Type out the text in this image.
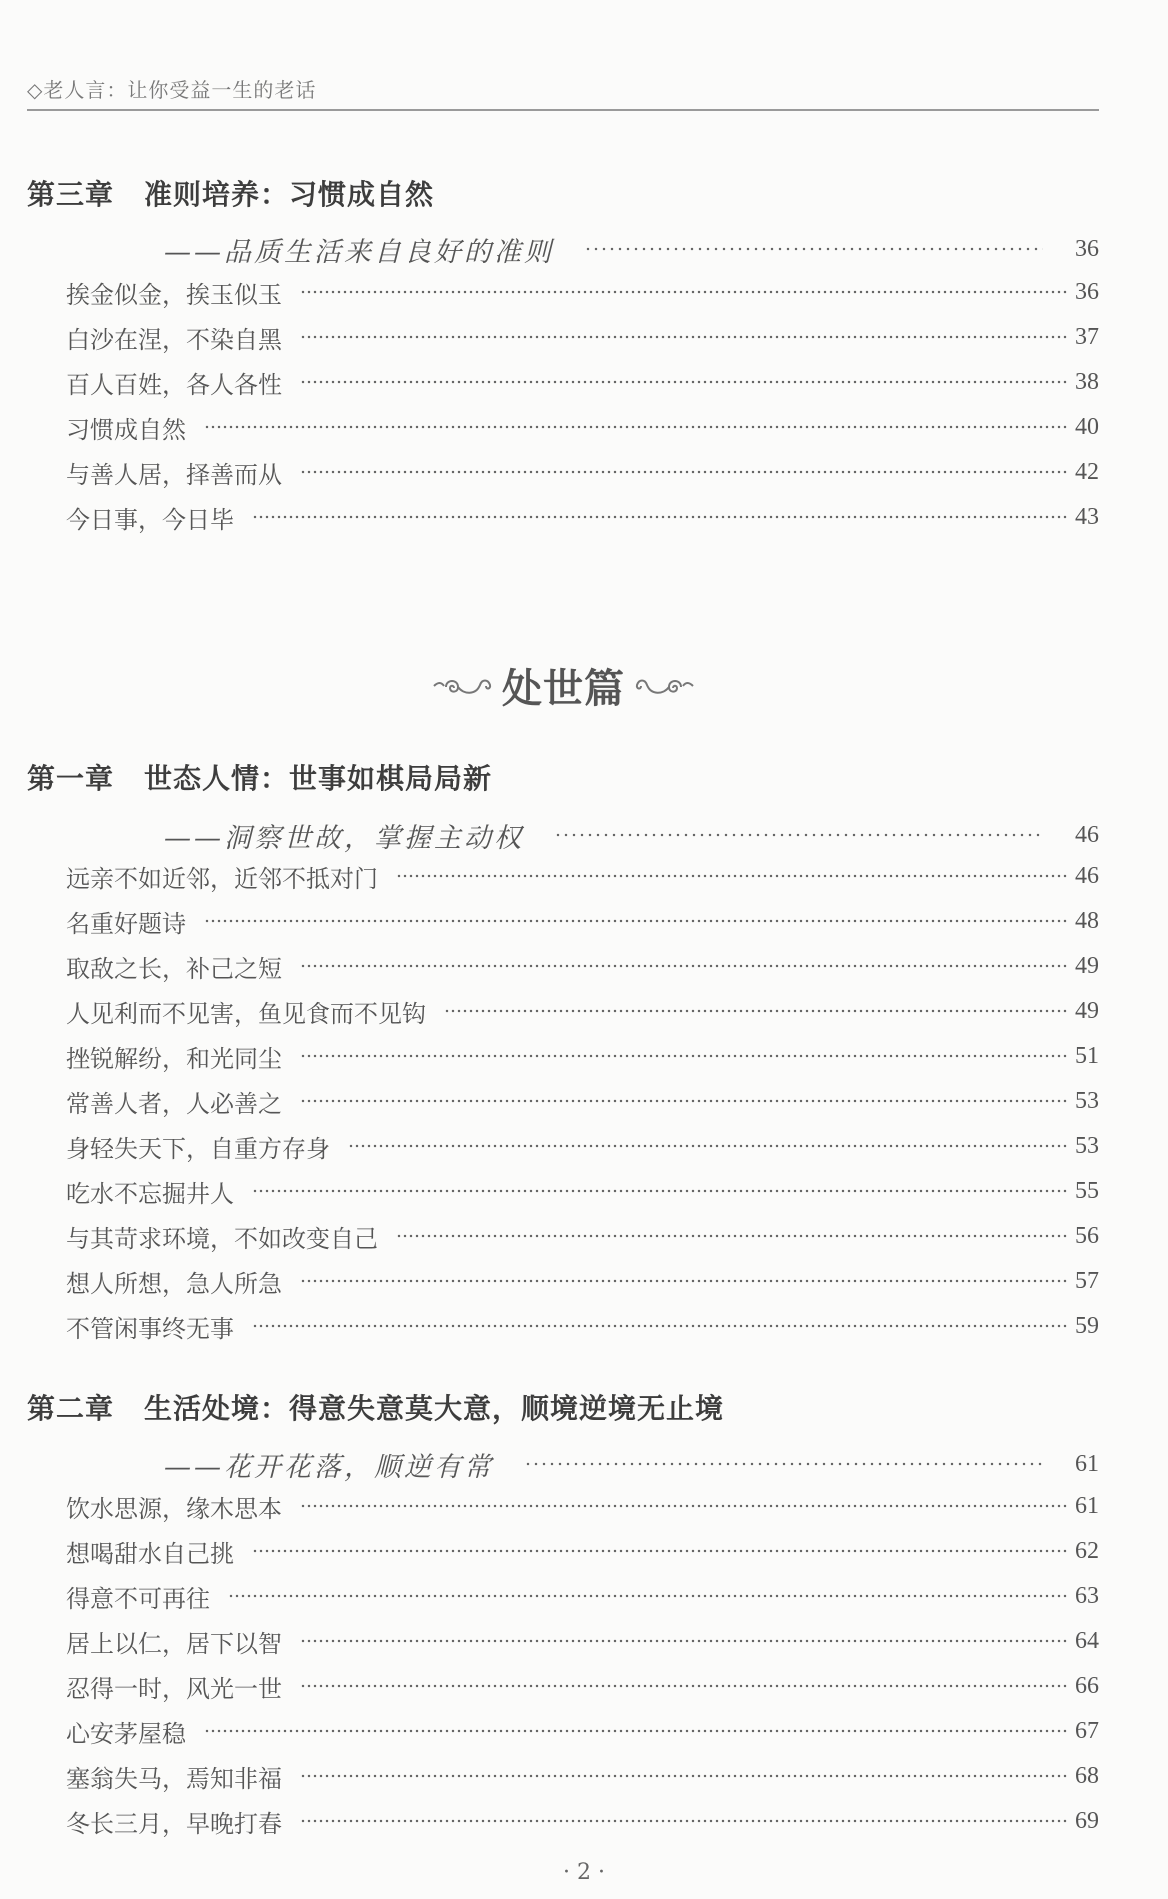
◇老人言：让你受益一生的老话
第三章 准则培养：习惯成自然
——品质生活来自良好的准则	36
挨金似金，挨玉似玉	36
白沙在涅，不染自黑	37
百人百姓，各人各性	38
习惯成自然	40
与善人居，择善而从	42
今日事，今日毕	43
处世篇
第一章 世态人情：世事如棋局局新
——洞察世故，掌握主动权	46
远亲不如近邻，近邻不抵对门	46
名重好题诗	48
取敌之长，补己之短	49
人见利而不见害，鱼见食而不见钩	49
挫锐解纷，和光同尘	51
常善人者，人必善之	53
身轻失天下，自重方存身	53
吃水不忘掘井人	55
与其苛求环境，不如改变自己	56
想人所想，急人所急	57
不管闲事终无事	59
第二章 生活处境：得意失意莫大意，顺境逆境无止境
——花开花落，顺逆有常	61
饮水思源，缘木思本	61
想喝甜水自己挑	62
得意不可再往	63
居上以仁，居下以智	64
忍得一时，风光一世	66
心安茅屋稳	67
塞翁失马，焉知非福	68
冬长三月，早晚打春	69
· 2 ·
